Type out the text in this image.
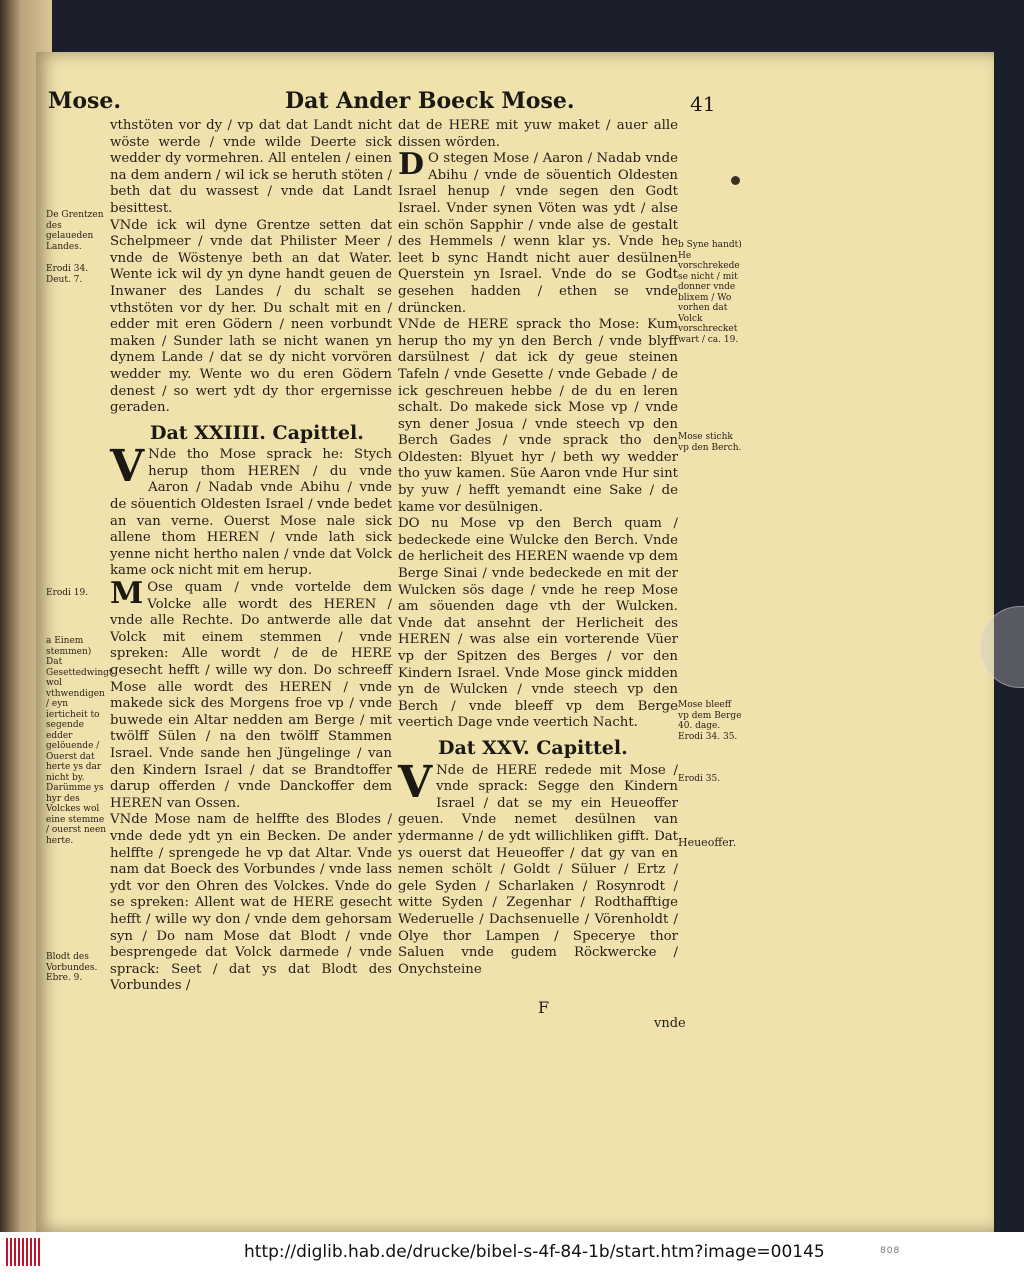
Mose.	Dat Ander Boeck Mose.	41

vthstöten vor dy / vp dat dat Landt nicht wöste werde / vnde wilde Deerte sick wedder dy vormehren. All entelen / einen na dem andern / wil ick se heruth stöten / beth dat du wassest / vnde dat Landt besittest.

VNde ick wil dyne Grentze setten dat Schelpmeer / vnde dat Philister Meer / vnde de Wöstenye beth an dat Water. Wente ick wil dy yn dyne handt geuen de Inwaner des Landes / du schalt se vthstöten vor dy her. Du schalt mit en / edder mit eren Gödern / neen vorbundt maken / Sunder lath se nicht wanen yn dynem Lande / dat se dy nicht vorvören wedder my. Wente wo du eren Gödern denest / so wert ydt dy thor ergernisse geraden.

Dat XXIIII. Capittel.

V Nde tho Mose sprack he: Stych herup thom HEREN / du vnde Aaron / Nadab vnde Abihu / vnde de söuentich Oldesten Israel / vnde bedet an van verne. Ouerst Mose nale sick allene thom HEREN / vnde lath sick yenne nicht hertho nalen / vnde dat Volck kame ock nicht mit em herup.

M Ose quam / vnde vortelde dem Volcke alle wordt des HEREN / vnde alle Rechte. Do antwerde alle dat Volck mit einem stemmen / vnde spreken: Alle wordt / de de HERE gesecht hefft / wille wy don. Do schreeff Mose alle wordt des HEREN / vnde makede sick des Morgens froe vp / vnde buwede ein Altar nedden am Berge / mit twölff Sülen / na den twölff Stammen Israel. Vnde sande hen Jüngelinge / van den Kindern Israel / dat se Brandtoffer darup offerden / vnde Danckoffer dem HEREN van Ossen.

VNde Mose nam de helffte des Blodes / vnde dede ydt yn ein Becken. De ander helffte / sprengede he vp dat Altar. Vnde nam dat Boeck des Vorbundes / vnde lass ydt vor den Ohren des Volckes. Vnde do se spreken: Allent wat de HERE gesecht hefft / wille wy don / vnde dem gehorsam syn / Do nam Mose dat Blodt / vnde besprengede dat Volck darmede / vnde sprack: Seet / dat ys dat Blodt des Vorbundes /

dat de HERE mit yuw maket / auer alle dissen wörden.

D O stegen Mose / Aaron / Nadab vnde Abihu / vnde de söuentich Oldesten Israel henup / vnde segen den Godt Israel. Vnder synen Vöten was ydt / alse ein schön Sapphir / vnde alse de gestalt des Hemmels / wenn klar ys. Vnde he leet b sync Handt nicht auer desülnen Querstein yn Israel. Vnde do se Godt gesehen hadden / ethen se vnde drüncken.

VNde de HERE sprack tho Mose: Kum herup tho my yn den Berch / vnde blyff darsülnest / dat ick dy geue steinen Tafeln / vnde Gesette / vnde Gebade / de ick geschreuen hebbe / de du en leren schalt. Do makede sick Mose vp / vnde syn dener Josua / vnde steech vp den Berch Gades / vnde sprack tho den Oldesten: Blyuet hyr / beth wy wedder tho yuw kamen. Süe Aaron vnde Hur sint by yuw / hefft yemandt eine Sake / de kame vor desülnigen.

DO nu Mose vp den Berch quam / bedeckede eine Wulcke den Berch. Vnde de herlicheit des HEREN waende vp dem Berge Sinai / vnde bedeckede en mit der Wulcken sös dage / vnde he reep Mose am söuenden dage vth der Wulcken. Vnde dat ansehnt der Herlicheit des HEREN / was alse ein vorterende Vüer vp der Spitzen des Berges / vor den Kindern Israel. Vnde Mose ginck midden yn de Wulcken / vnde steech vp den Berch / vnde bleeff vp dem Berge veertich Dage vnde veertich Nacht.

Dat XXV. Capittel.

V Nde de HERE redede mit Mose / vnde sprack: Segge den Kindern Israel / dat se my ein Heueoffer geuen. Vnde nemet desülnen van ydermanne / de ydt willichliken gifft. Dat ys ouerst dat Heueoffer / dat gy van en nemen schölt / Goldt / Süluer / Ertz / gele Syden / Scharlaken / Rosynrodt / witte Syden / Zegenhar / Rodthafftige Wederuelle / Dachsenuelle / Vörenholdt / Olye thor Lampen / Specerye thor Saluen vnde gudem Röckwercke / Onychsteine

De Grentzen des gelaueden Landes.
Erodi 34. Deut. 7.
Erodi 19.
a Einem stemmen) Dat Gesettedwingt wol vthwendigen / eyn ierticheit to segende edder gelöuende / Ouerst dat herte ys dar nicht by. Darümme ys hyr des Volckes wol eine stemme / ouerst neen herte.
Blodt des Vorbundes. Ebre. 9.
b Syne handt) He vorschrekede se nicht / mit donner vnde blixem / Wo vorhen dat Volck vorschrecket wart / ca. 19.
Mose stichk vp den Berch.
Mose bleeff vp dem Berge 40. dage. Erodi 34. 35.
Erodi 35.
Heueoffer.
F
vnde
http://diglib.hab.de/drucke/bibel-s-4f-84-1b/start.htm?image=00145	808
